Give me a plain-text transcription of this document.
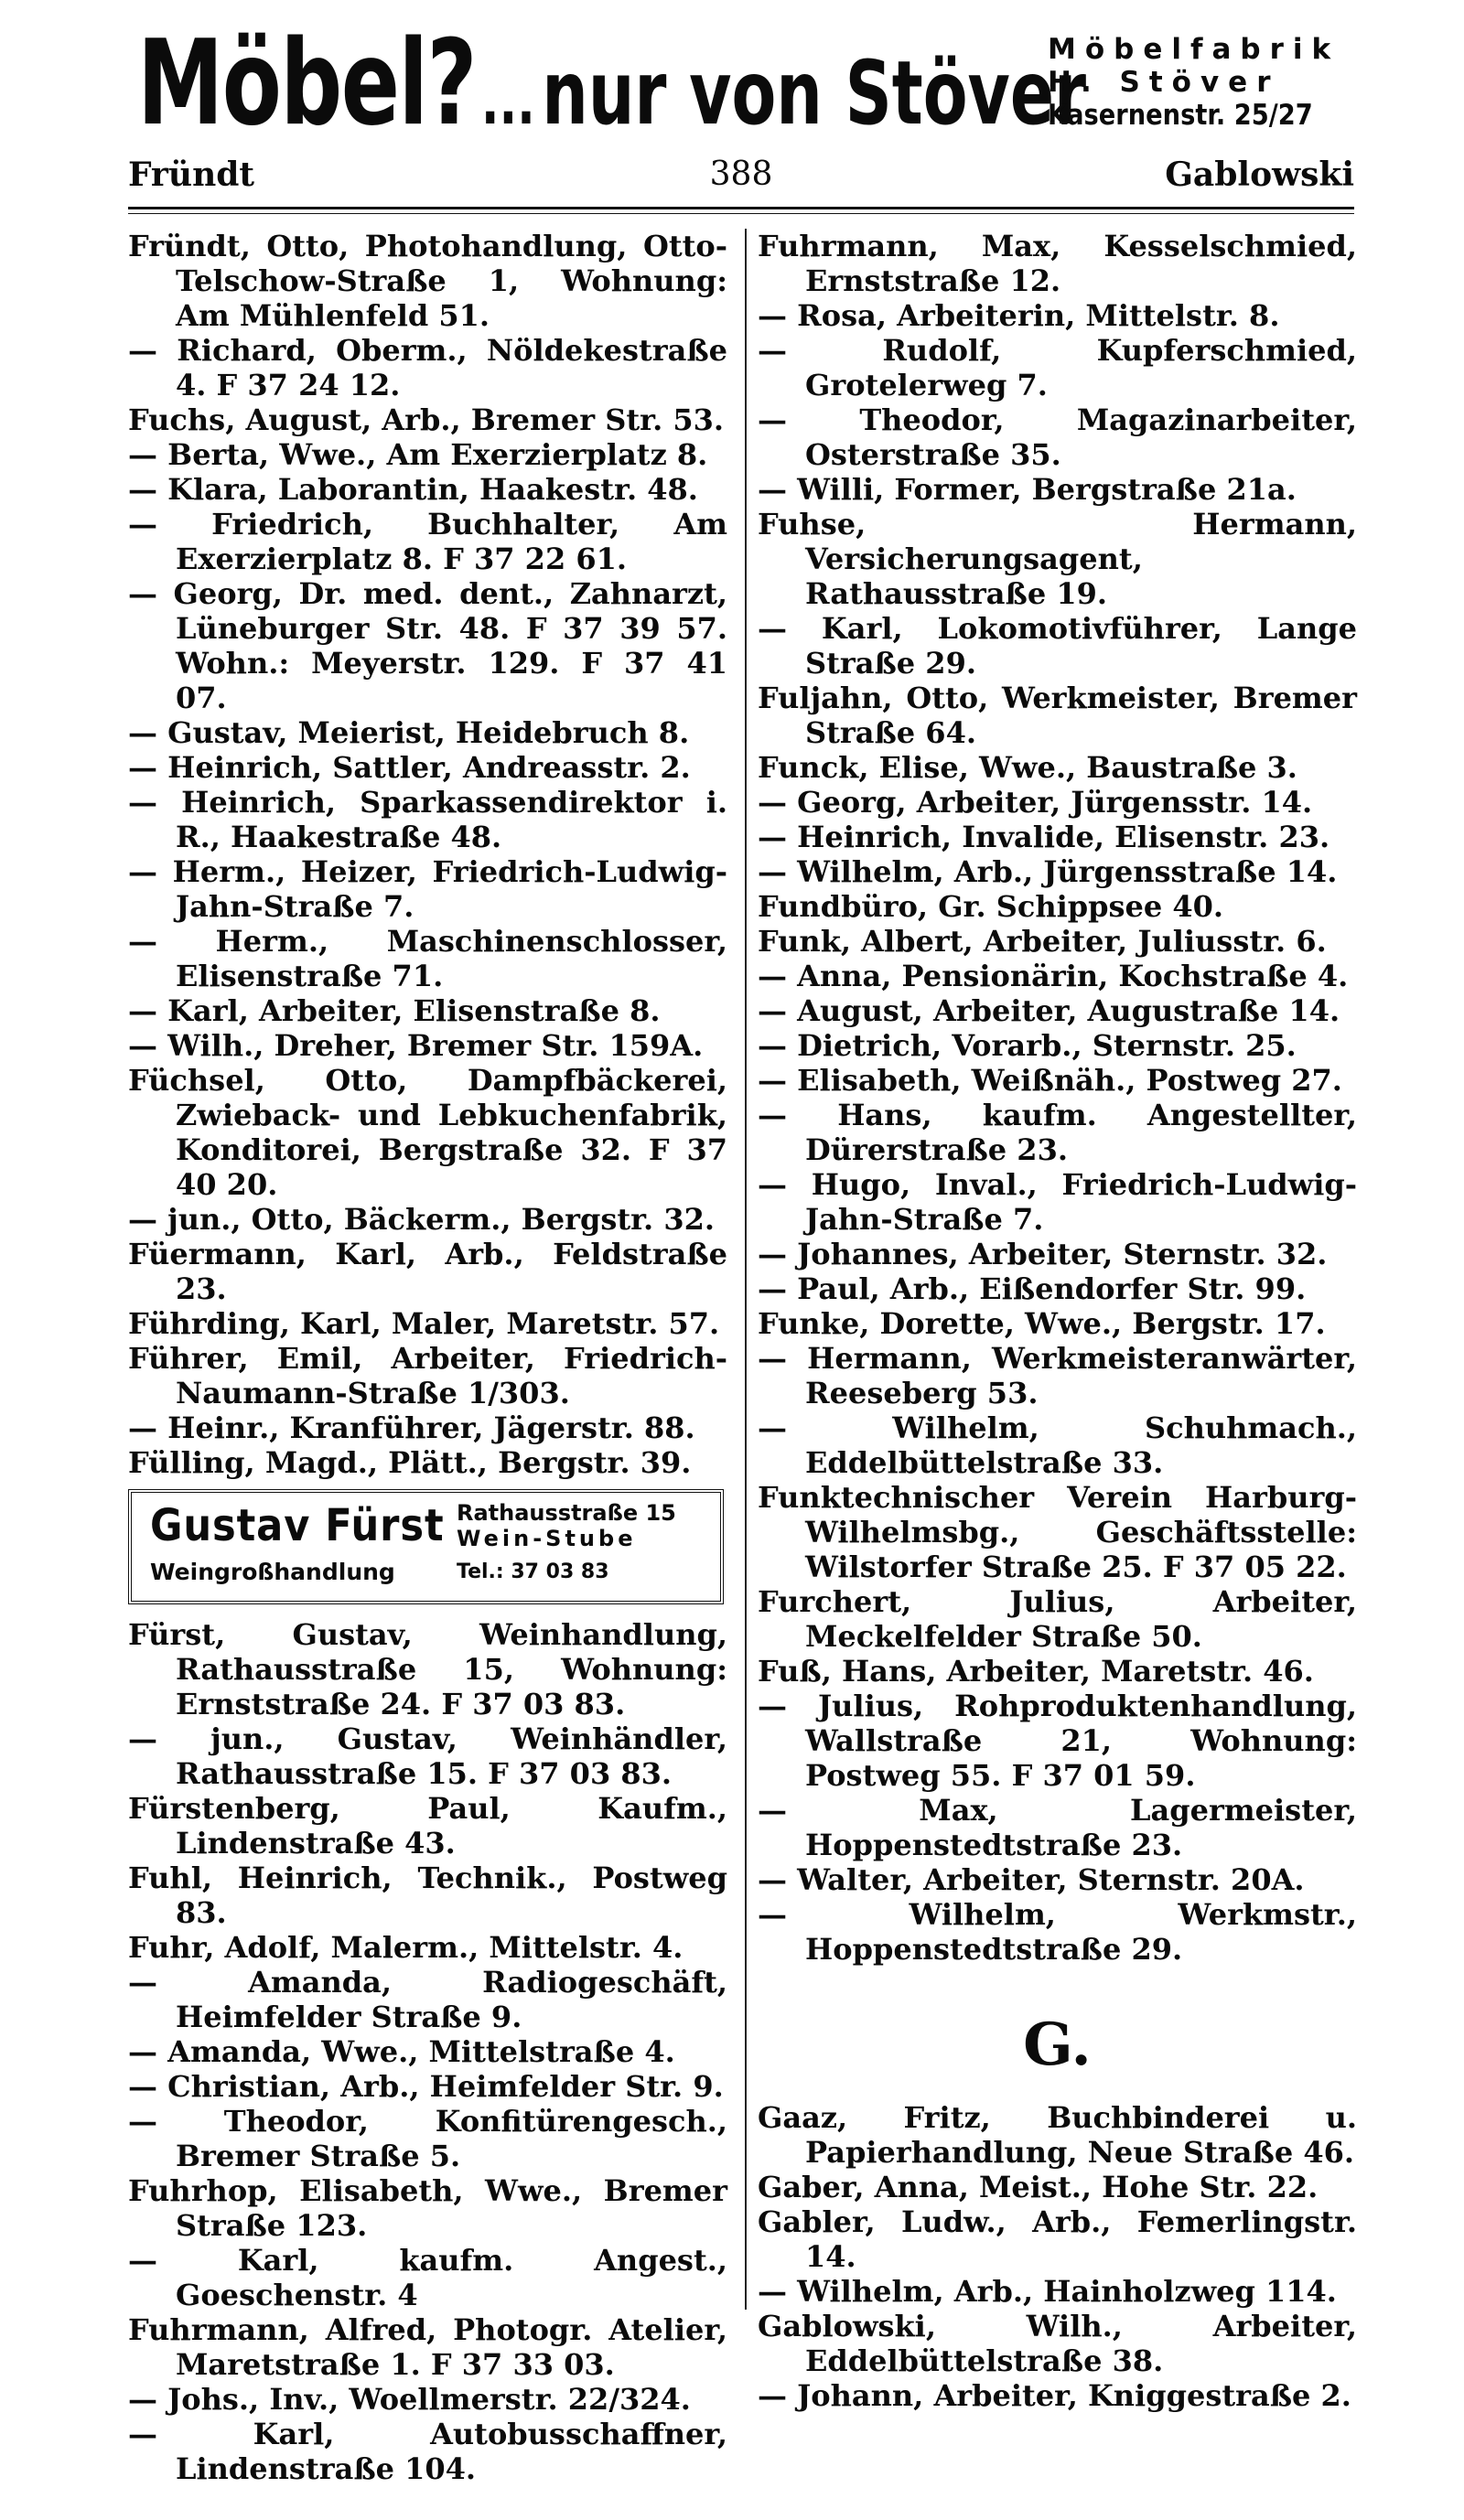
Möbel?...nur von Stöver
Möbelfabrik
H. Stöver
Kasernenstr. 25/27
Fründt	388	Gablowski

Fründt, Otto, Photohandlung, Otto-Telschow-Straße 1, Wohnung: Am Mühlenfeld 51.

— Richard, Oberm., Nöldekestraße 4. F 37 24 12.

Fuchs, August, Arb., Bremer Str. 53.

— Berta, Wwe., Am Exerzierplatz 8.

— Klara, Laborantin, Haakestr. 48.

— Friedrich, Buchhalter, Am Exerzierplatz 8. F 37 22 61.

— Georg, Dr. med. dent., Zahnarzt, Lüneburger Str. 48. F 37 39 57. Wohn.: Meyerstr. 129. F 37 41 07.

— Gustav, Meierist, Heidebruch 8.

— Heinrich, Sattler, Andreasstr. 2.

— Heinrich, Sparkassendirektor i. R., Haakestraße 48.

— Herm., Heizer, Friedrich-Ludwig-Jahn-Straße 7.

— Herm., Maschinenschlosser, Elisenstraße 71.

— Karl, Arbeiter, Elisenstraße 8.

— Wilh., Dreher, Bremer Str. 159A.

Füchsel, Otto, Dampfbäckerei, Zwieback- und Lebkuchenfabrik, Konditorei, Bergstraße 32. F 37 40 20.

— jun., Otto, Bäckerm., Bergstr. 32.

Füermann, Karl, Arb., Feldstraße 23.

Führding, Karl, Maler, Maretstr. 57.

Führer, Emil, Arbeiter, Friedrich-Naumann-Straße 1/303.

— Heinr., Kranführer, Jägerstr. 88.

Fülling, Magd., Plätt., Bergstr. 39.

Gustav Fürst Rathausstraße 15
Wein-Stube
Weingroßhandlung	Tel.: 37 03 83

Fürst, Gustav, Weinhandlung, Rathausstraße 15, Wohnung: Ernststraße 24. F 37 03 83.

— jun., Gustav, Weinhändler, Rathausstraße 15. F 37 03 83.

Fürstenberg, Paul, Kaufm., Lindenstraße 43.

Fuhl, Heinrich, Technik., Postweg 83.

Fuhr, Adolf, Malerm., Mittelstr. 4.

— Amanda, Radiogeschäft, Heimfelder Straße 9.

— Amanda, Wwe., Mittelstraße 4.

— Christian, Arb., Heimfelder Str. 9.

— Theodor, Konfitürengesch., Bremer Straße 5.

Fuhrhop, Elisabeth, Wwe., Bremer Straße 123.

— Karl, kaufm. Angest., Goeschenstr. 4

Fuhrmann, Alfred, Photogr. Atelier, Maretstraße 1. F 37 33 03.

— Johs., Inv., Woellmerstr. 22/324.

— Karl, Autobusschaffner, Lindenstraße 104.

Fuhrmann, Max, Kesselschmied, Ernststraße 12.

— Rosa, Arbeiterin, Mittelstr. 8.

— Rudolf, Kupferschmied, Grotelerweg 7.

— Theodor, Magazinarbeiter, Osterstraße 35.

— Willi, Former, Bergstraße 21a.

Fuhse, Hermann, Versicherungsagent, Rathausstraße 19.

— Karl, Lokomotivführer, Lange Straße 29.

Fuljahn, Otto, Werkmeister, Bremer Straße 64.

Funck, Elise, Wwe., Baustraße 3.

— Georg, Arbeiter, Jürgensstr. 14.

— Heinrich, Invalide, Elisenstr. 23.

— Wilhelm, Arb., Jürgensstraße 14.

Fundbüro, Gr. Schippsee 40.

Funk, Albert, Arbeiter, Juliusstr. 6.

— Anna, Pensionärin, Kochstraße 4.

— August, Arbeiter, Augustraße 14.

— Dietrich, Vorarb., Sternstr. 25.

— Elisabeth, Weißnäh., Postweg 27.

— Hans, kaufm. Angestellter, Dürerstraße 23.

— Hugo, Inval., Friedrich-Ludwig-Jahn-Straße 7.

— Johannes, Arbeiter, Sternstr. 32.

— Paul, Arb., Eißendorfer Str. 99.

Funke, Dorette, Wwe., Bergstr. 17.

— Hermann, Werkmeisteranwärter, Reeseberg 53.

— Wilhelm, Schuhmach., Eddelbüttelstraße 33.

Funktechnischer Verein Harburg-Wilhelmsbg., Geschäftsstelle: Wilstorfer Straße 25. F 37 05 22.

Furchert, Julius, Arbeiter, Meckelfelder Straße 50.

Fuß, Hans, Arbeiter, Maretstr. 46.

— Julius, Rohproduktenhandlung, Wallstraße 21, Wohnung: Postweg 55. F 37 01 59.

— Max, Lagermeister, Hoppenstedtstraße 23.

— Walter, Arbeiter, Sternstr. 20A.

— Wilhelm, Werkmstr., Hoppenstedtstraße 29.

G.

Gaaz, Fritz, Buchbinderei u. Papierhandlung, Neue Straße 46.

Gaber, Anna, Meist., Hohe Str. 22.

Gabler, Ludw., Arb., Femerlingstr. 14.

— Wilhelm, Arb., Hainholzweg 114.

Gablowski, Wilh., Arbeiter, Eddelbüttelstraße 38.

— Johann, Arbeiter, Kniggestraße 2.
